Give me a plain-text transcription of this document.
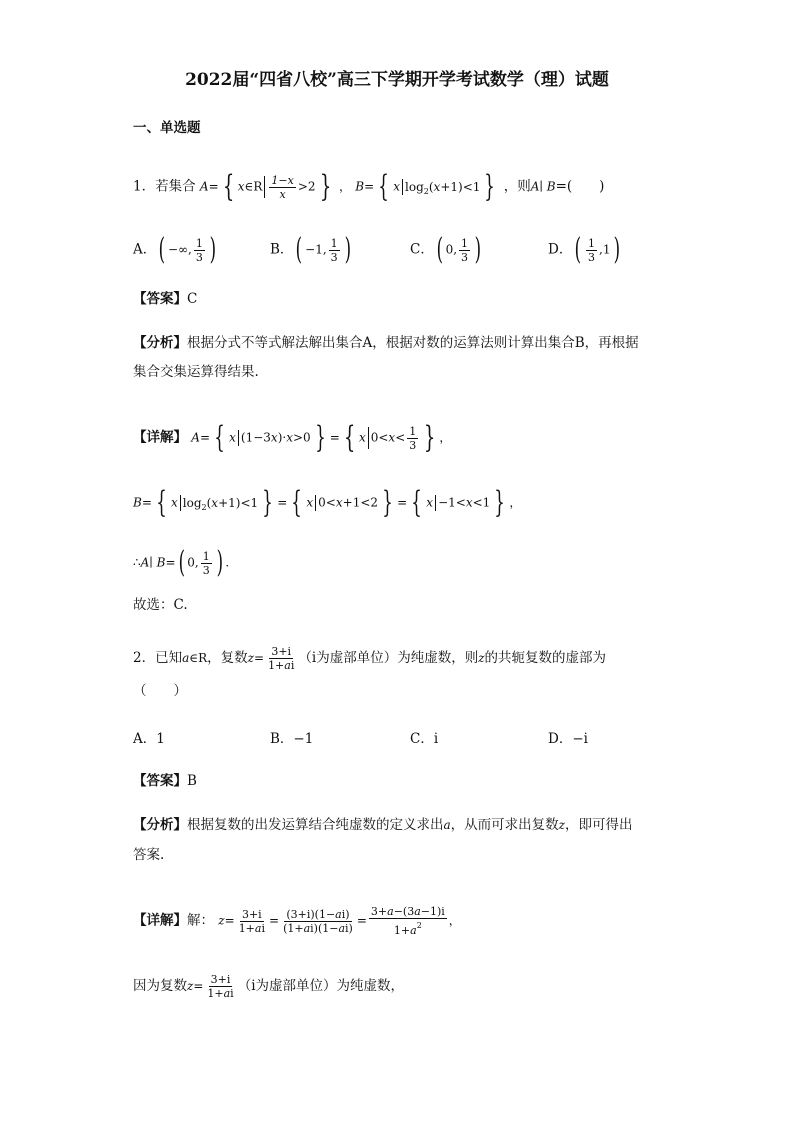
2022届“四省八校”高三下学期开学考试数学（理）试题
一、单选题
1．若集合 A= { x∈R $\frac{1-x}{x} >2$ } ， B= { x $\log_2(x+1)<1$ } ，则A∣ B=(　　)
A．( −∞, $\frac{1}{3}$ )	B．( −1, $\frac{1}{3}$ )	C．( 0, $\frac{1}{3}$ )	D．( $\frac{1}{3} ,1$)
【答案】C
【分析】根据分式不等式解法解出集合A，根据对数的运算法则计算出集合B，再根据
集合交集运算得结果.
【详解】 A= { x (1−3x)·x>0 } = { x $0<x< \frac{1}{3}$ } ，
B= { x $\log_2(x+1)<1$ } = { x 0<x+1<2 } = { x −1<x<1 } ，
∴A∣ B=( 0, $\frac{1}{3}$ ) .
故选：C.
2．已知a∈R，复数$z= \frac{3+i}{1+ai} (i$为虚部单位）为纯虚数，则z的共轭复数的虚部为
（　　）
A．1	B．−1	C．i	D．−i
【答案】B
【分析】根据复数的出发运算结合纯虚数的定义求出a，从而可求出复数z，即可得出
答案.
【详解】解： $z= \frac{3+i}{1+ai} = \frac{(3+i)(1-ai)}{(1+ai)(1-ai)} = \frac{3+a-(3a-1)i}{1+a^2}$ ，
因为复数$z= \frac{3+i}{1+ai} (i$为虚部单位）为纯虚数，
